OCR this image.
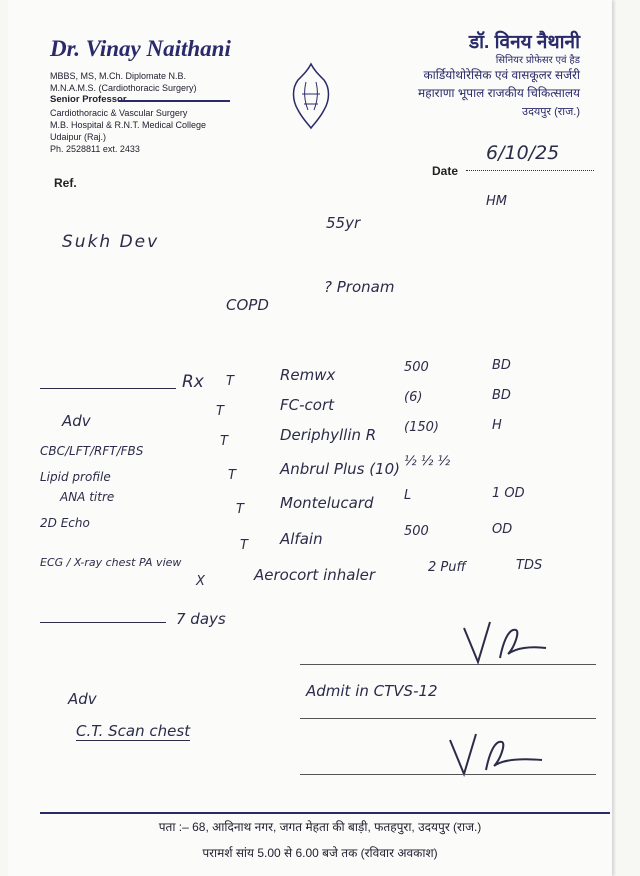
Dr. Vinay Naithani
MBBS, MS, M.Ch. Diplomate N.B.
M.N.A.M.S. (Cardiothoracic Surgery)
Senior Professor
Cardiothoracic & Vascular Surgery
M.B. Hospital & R.N.T. Medical College
Udaipur (Raj.)
Ph. 2528811 ext. 2433
Ref.
डॉ. विनय नैथानी
सिनियर प्रोफेसर एवं हैड
कार्डियोथोरेसिक एवं वासकूलर सर्जरी
महाराणा भूपाल राजकीय चिकित्सालय
उदयपुर (राज.)
Date
6/10/25
HM
55yr
Sukh Dev
COPD
? Pronam
Rx T	Remwx	500	BD
T	FC-cort	(6)	BD
T	Deriphyllin R (150)	H
T	Anbrul Plus (10) ½ ½ ½
T Montelucard L	1 OD
T Alfain	500	OD
X	Aerocort inhaler	2 Puff	TDS
Adv
CBC/LFT/RFT/FBS
Lipid profile
ANA titre
2D Echo
ECG / X-ray chest PA view
7 days
Adv
C.T. Scan chest
Admit in CTVS-12
पता :– 68, आदिनाथ नगर, जगत मेहता की बाड़ी, फतहपुरा, उदयपुर (राज.)
परामर्श सांय 5.00 से 6.00 बजे तक (रविवार अवकाश)
